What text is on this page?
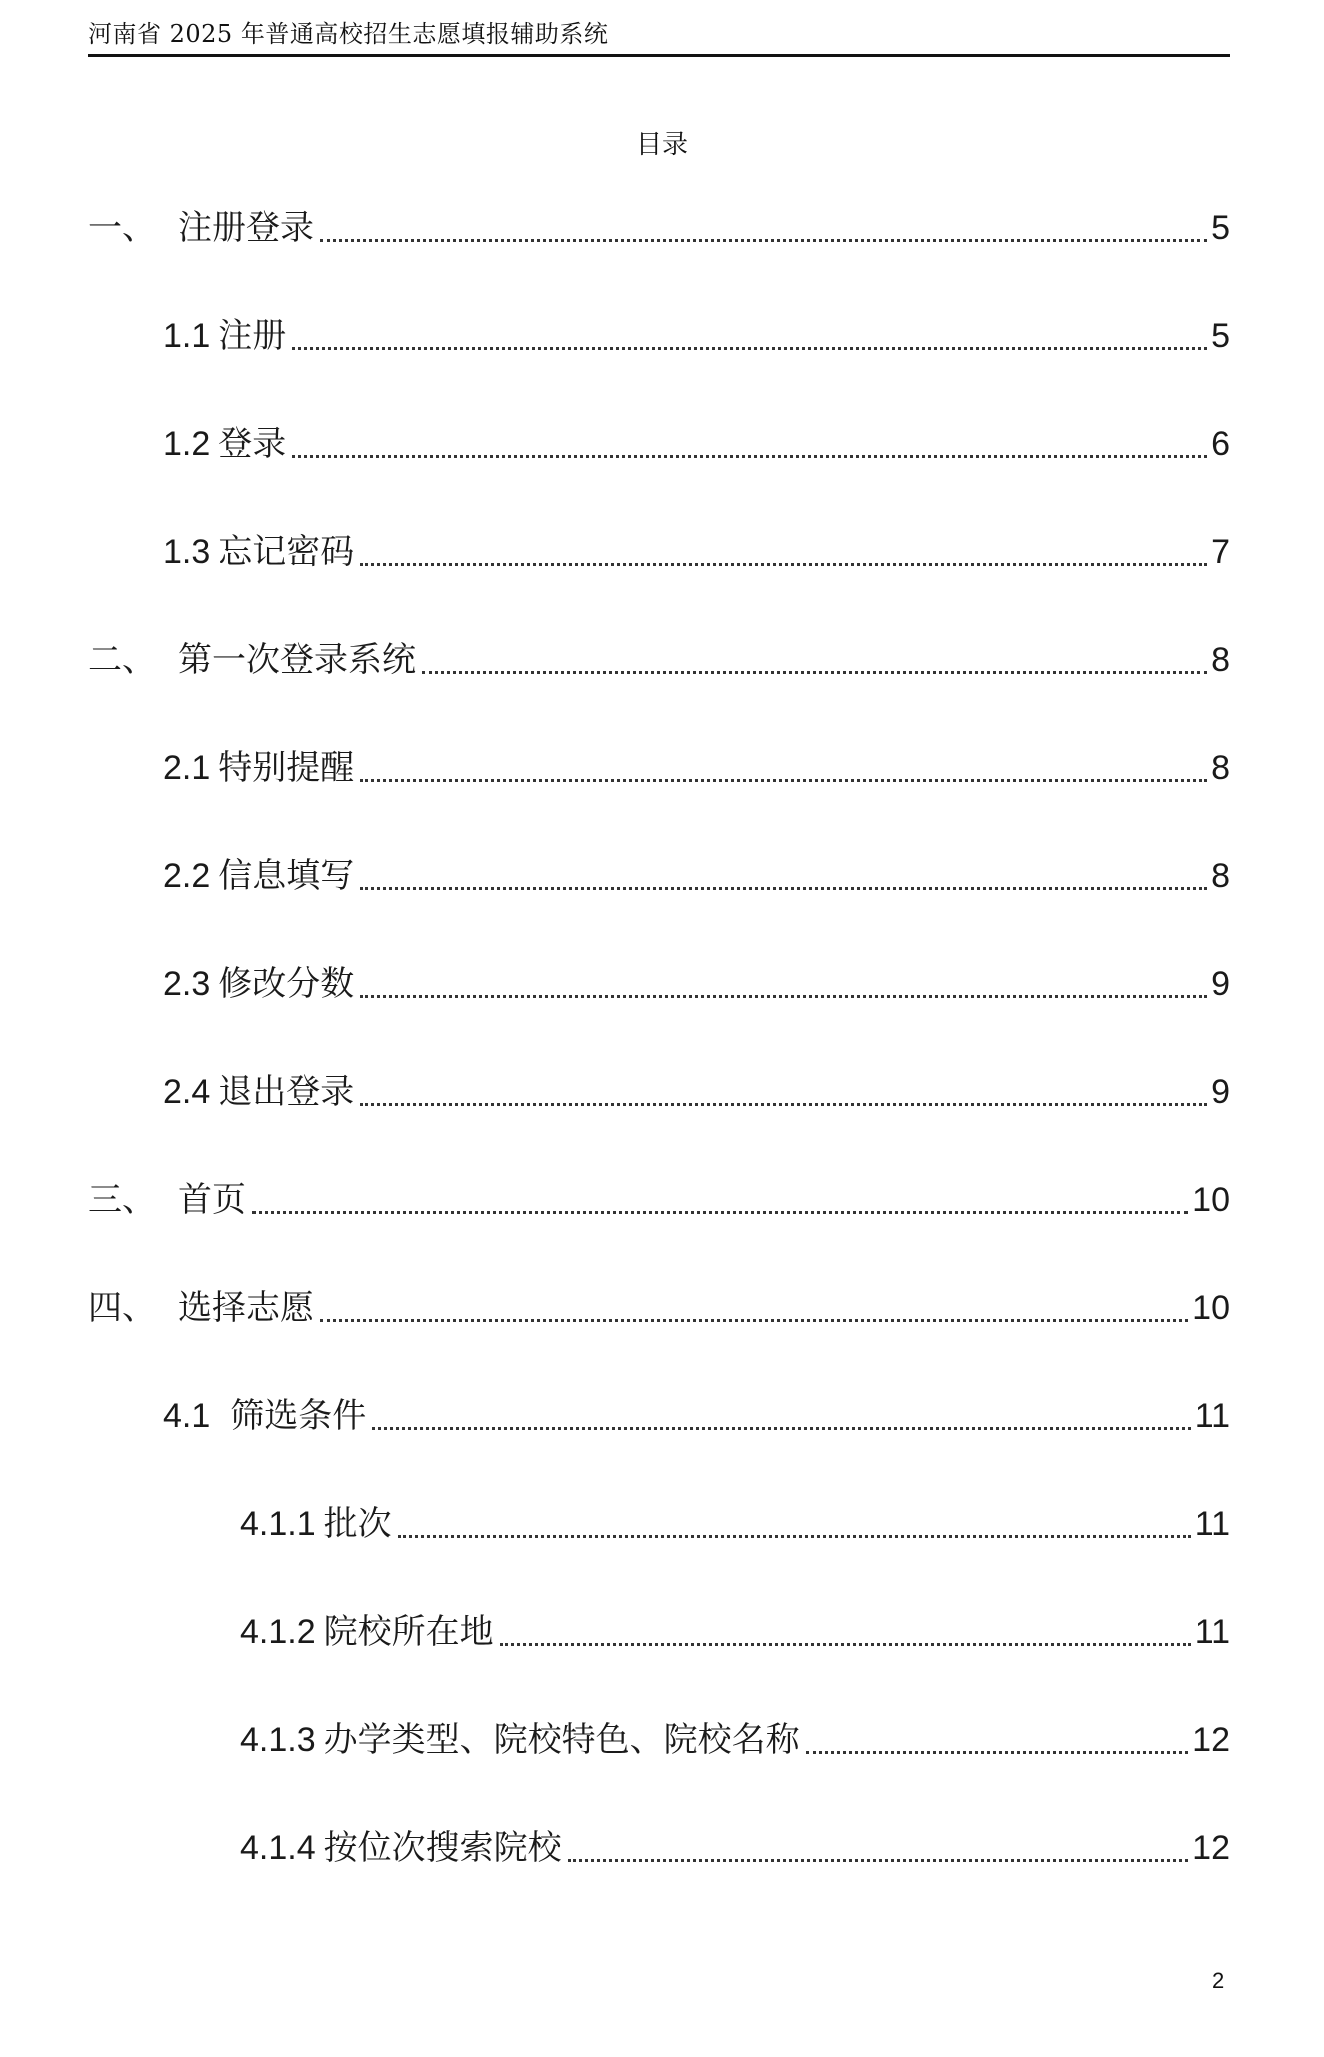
河南省 2025 年普通高校招生志愿填报辅助系统
目录
一、 注册登录	5
1.1 注册	5
1.2 登录	6
1.3 忘记密码	7
二、 第一次登录系统	8
2.1 特别提醒	8
2.2 信息填写	8
2.3 修改分数	9
2.4 退出登录	9
三、 首页	10
四、 选择志愿	10
4.1 筛选条件	11
4.1.1 批次	11
4.1.2 院校所在地	11
4.1.3 办学类型、院校特色、院校名称	12
4.1.4 按位次搜索院校	12
2
